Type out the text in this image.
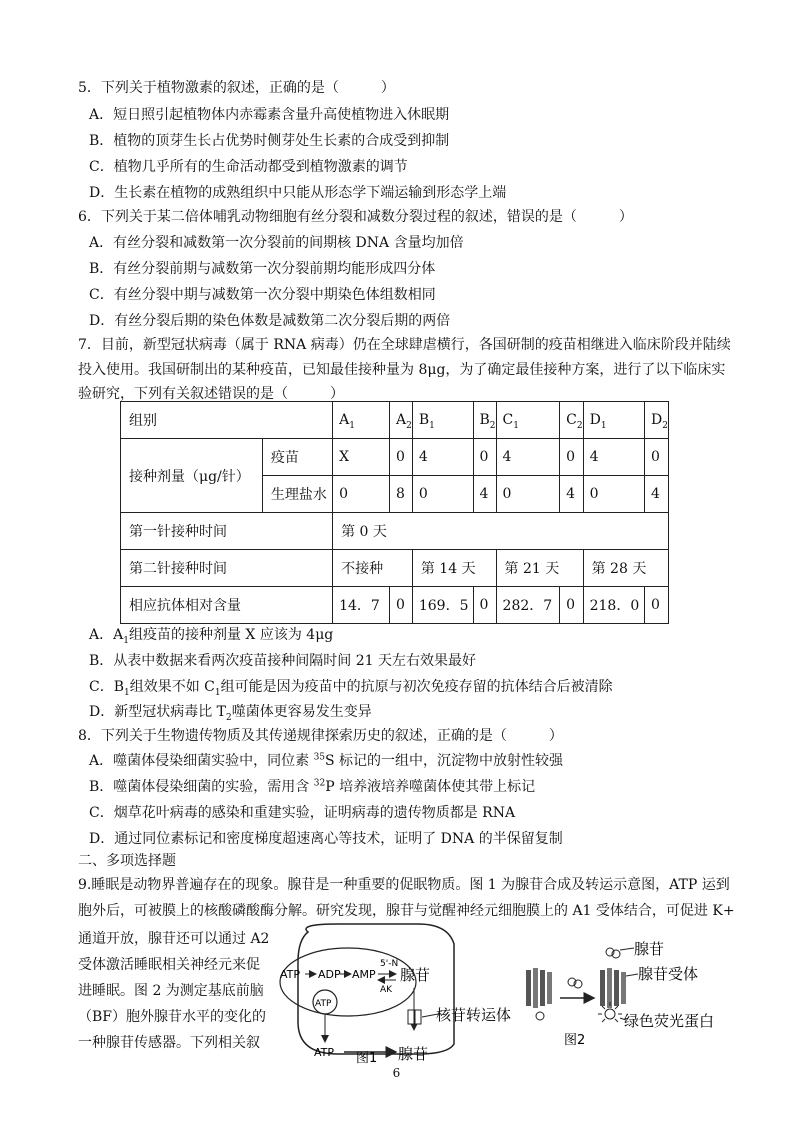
5．下列关于植物激素的叙述，正确的是（　　　）
A．短日照引起植物体内赤霉素含量升高使植物进入休眠期
B．植物的顶芽生长占优势时侧芽处生长素的合成受到抑制
C．植物几乎所有的生命活动都受到植物激素的调节
D．生长素在植物的成熟组织中只能从形态学下端运输到形态学上端
6．下列关于某二倍体哺乳动物细胞有丝分裂和减数分裂过程的叙述，错误的是（　　　）
A．有丝分裂和减数第一次分裂前的间期核 DNA 含量均加倍
B．有丝分裂前期与减数第一次分裂前期均能形成四分体
C．有丝分裂中期与减数第一次分裂中期染色体组数相同
D．有丝分裂后期的染色体数是减数第二次分裂后期的两倍
7．目前，新型冠状病毒（属于 RNA 病毒）仍在全球肆虐横行，各国研制的疫苗相继进入临床阶段并陆续
投入使用。我国研制出的某种疫苗，已知最佳接种量为 8μg，为了确定最佳接种方案，进行了以下临床实
验研究，下列有关叙述错误的是（　　　）
组别		$A_1$	$A_2$	$B_1$	$B_2$	$C_1$	$C_2$	$D_1$	$D_2$
接种剂量（μg/针）	疫苗	X	0	4	0	4	0	4	0
	生理盐水	0	8	0	4	0	4	0	4
第一针接种时间		第 0 天							
第二针接种时间		不接种		第 14 天		第 21 天		第 28 天	
相应抗体相对含量		14．7	0	169．5	0	282．7	0	218．0	0
A．$A_1$组疫苗的接种剂量 X 应该为 4μg
B．从表中数据来看两次疫苗接种间隔时间 21 天左右效果最好
C．$B_1$组效果不如 $C_1$组可能是因为疫苗中的抗原与初次免疫存留的抗体结合后被清除
D．新型冠状病毒比 $T_2$噬菌体更容易发生变异
8．下列关于生物遗传物质及其传递规律探索历史的叙述，正确的是（　　　）
A．噬菌体侵染细菌实验中，同位素 $^{35}$S 标记的一组中，沉淀物中放射性较强
B．噬菌体侵染细菌的实验，需用含 $^{32}$P 培养液培养噬菌体使其带上标记
C．烟草花叶病毒的感染和重建实验，证明病毒的遗传物质都是 RNA
D．通过同位素标记和密度梯度超速离心等技术，证明了 DNA 的半保留复制
二、多项选择题
9.睡眠是动物界普遍存在的现象。腺苷是一种重要的促眠物质。图 1 为腺苷合成及转运示意图，ATP 运到
胞外后，可被膜上的核酸磷酸酶分解。研究发现，腺苷与觉醒神经元细胞膜上的 A1 受体结合，可促进 K+
通道开放，腺苷还可以通过 A2
受体激活睡眠相关神经元来促
进睡眠。图 2 为测定基底前脑
（BF）胞外腺苷水平的变化的
一种腺苷传感器。下列相关叙
ATP ADP AMP
5'-N
AK
腺苷
ATP
ATP	腺苷
核苷转运体
图1
腺苷
腺苷受体
绿色荧光蛋白
图2
6
